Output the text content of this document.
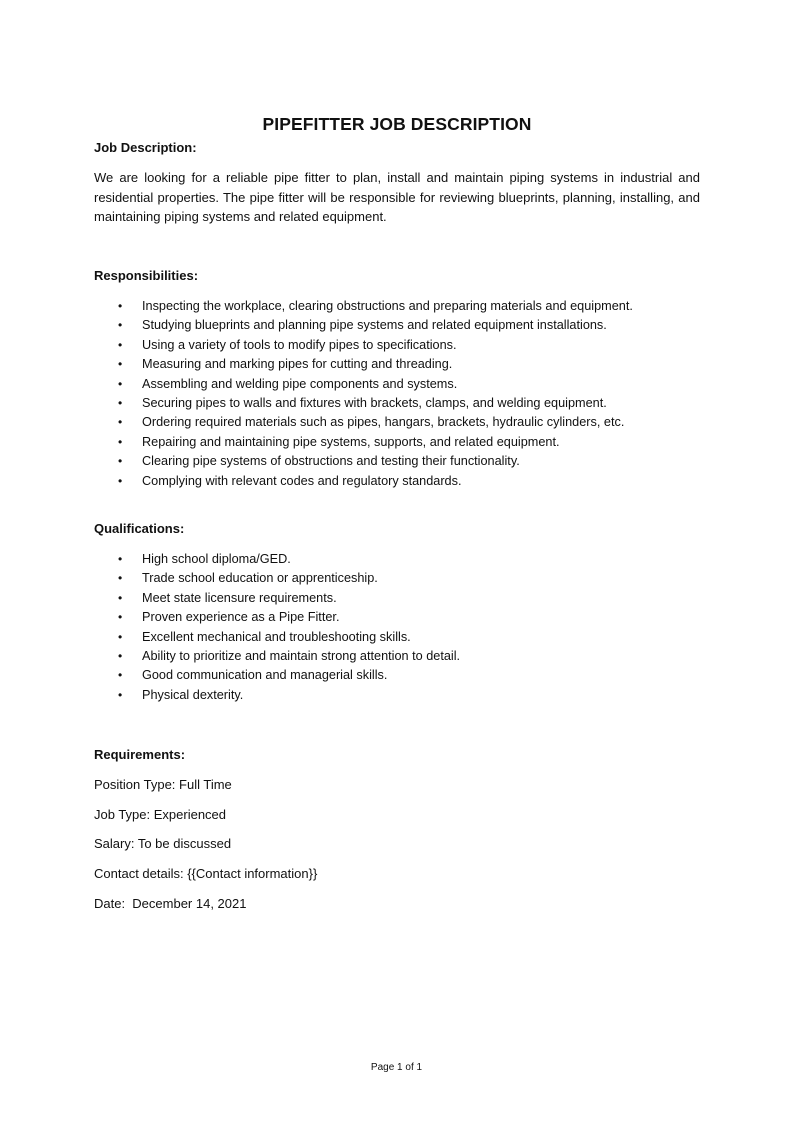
PIPEFITTER JOB DESCRIPTION
Job Description:
We are looking for a reliable pipe fitter to plan, install and maintain piping systems in industrial and residential properties. The pipe fitter will be responsible for reviewing blueprints, planning, installing, and maintaining piping systems and related equipment.
Responsibilities:
• Inspecting the workplace, clearing obstructions and preparing materials and equipment.
• Studying blueprints and planning pipe systems and related equipment installations.
• Using a variety of tools to modify pipes to specifications.
• Measuring and marking pipes for cutting and threading.
• Assembling and welding pipe components and systems.
• Securing pipes to walls and fixtures with brackets, clamps, and welding equipment.
• Ordering required materials such as pipes, hangars, brackets, hydraulic cylinders, etc.
• Repairing and maintaining pipe systems, supports, and related equipment.
• Clearing pipe systems of obstructions and testing their functionality.
• Complying with relevant codes and regulatory standards.
Qualifications:
• High school diploma/GED.
• Trade school education or apprenticeship.
• Meet state licensure requirements.
• Proven experience as a Pipe Fitter.
• Excellent mechanical and troubleshooting skills.
• Ability to prioritize and maintain strong attention to detail.
• Good communication and managerial skills.
• Physical dexterity.
Requirements:
Position Type: Full Time
Job Type: Experienced
Salary: To be discussed
Contact details: {{Contact information}}
Date:  December 14, 2021
Page 1 of 1
